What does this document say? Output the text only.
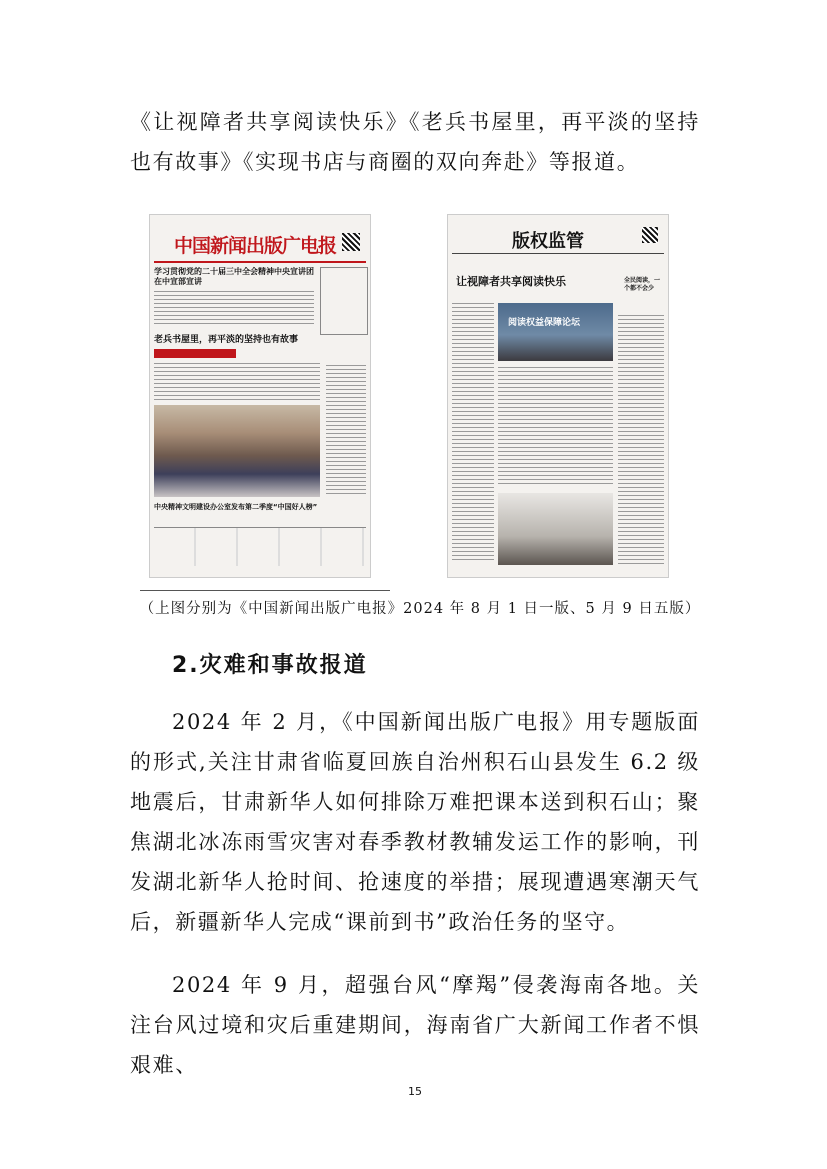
《让视障者共享阅读快乐》《老兵书屋里，再平淡的坚持也有故事》《实现书店与商圈的双向奔赴》等报道。

中国新闻出版广电报
学习贯彻党的二十届三中全会精神中央宣讲团在中宣部宣讲
老兵书屋里，再平淡的坚持也有故事
中央精神文明建设办公室发布第二季度“中国好人榜”
版权监管
让视障者共享阅读快乐	全民阅读，一个都不会少
阅读权益保障论坛
（上图分别为《中国新闻出版广电报》2024 年 8 月 1 日一版、5 月 9 日五版）
2.灾难和事故报道

2024 年 2 月，《中国新闻出版广电报》用专题版面的形式,关注甘肃省临夏回族自治州积石山县发生 6.2 级地震后，甘肃新华人如何排除万难把课本送到积石山；聚焦湖北冰冻雨雪灾害对春季教材教辅发运工作的影响，刊发湖北新华人抢时间、抢速度的举措；展现遭遇寒潮天气后，新疆新华人完成“课前到书”政治任务的坚守。

2024 年 9 月，超强台风“摩羯”侵袭海南各地。关注台风过境和灾后重建期间，海南省广大新闻工作者不惧艰难、

15
